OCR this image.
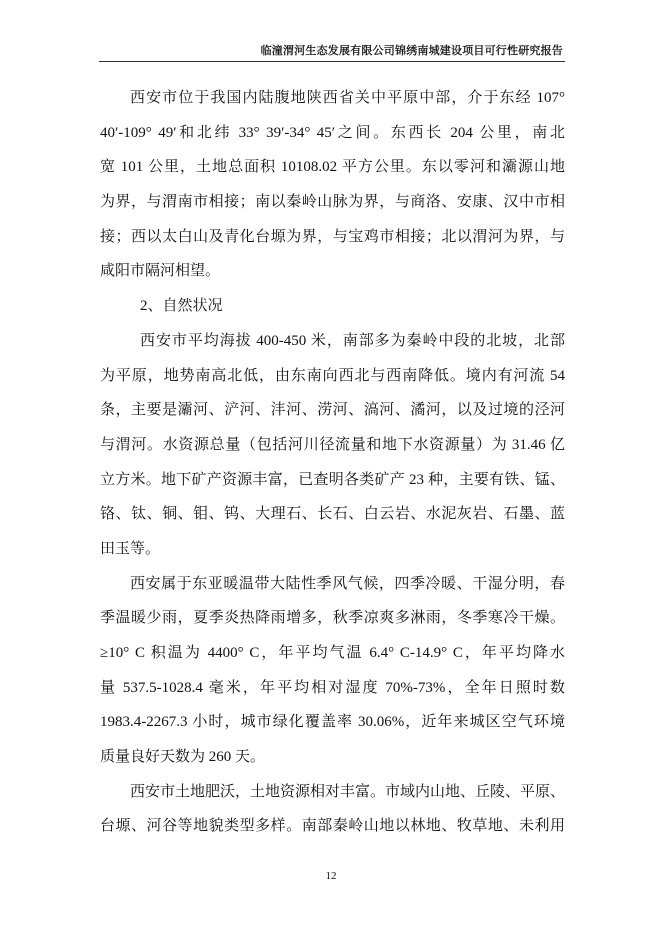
临潼渭河生态发展有限公司锦绣南城建设项目可行性研究报告
西安市位于我国内陆腹地陕西省关中平原中部，介于东经 107°
40′-109° 49′和北纬 33° 39′-34° 45′之间。东西长 204 公里，南北
宽 101 公里，土地总面积 10108.02 平方公里。东以零河和灞源山地
为界，与渭南市相接；南以秦岭山脉为界，与商洛、安康、汉中市相
接；西以太白山及青化台塬为界，与宝鸡市相接；北以渭河为界，与
咸阳市隔河相望。
2、自然状况
西安市平均海拔 400-450 米，南部多为秦岭中段的北坡，北部
为平原，地势南高北低，由东南向西北与西南降低。境内有河流 54
条，主要是灞河、浐河、沣河、涝河、滈河、潏河，以及过境的泾河
与渭河。水资源总量（包括河川径流量和地下水资源量）为 31.46 亿
立方米。地下矿产资源丰富，已查明各类矿产 23 种，主要有铁、锰、
铬、钛、铜、钼、钨、大理石、长石、白云岩、水泥灰岩、石墨、蓝
田玉等。
西安属于东亚暖温带大陆性季风气候，四季冷暖、干湿分明，春
季温暖少雨，夏季炎热降雨增多，秋季凉爽多淋雨，冬季寒冷干燥。
≥10° C 积温为 4400° C，年平均气温 6.4° C-14.9° C，年平均降水
量 537.5-1028.4 毫米，年平均相对湿度 70%-73%，全年日照时数
1983.4-2267.3 小时，城市绿化覆盖率 30.06%，近年来城区空气环境
质量良好天数为 260 天。
西安市土地肥沃，土地资源相对丰富。市域内山地、丘陵、平原、
台塬、河谷等地貌类型多样。南部秦岭山地以林地、牧草地、未利用
12
